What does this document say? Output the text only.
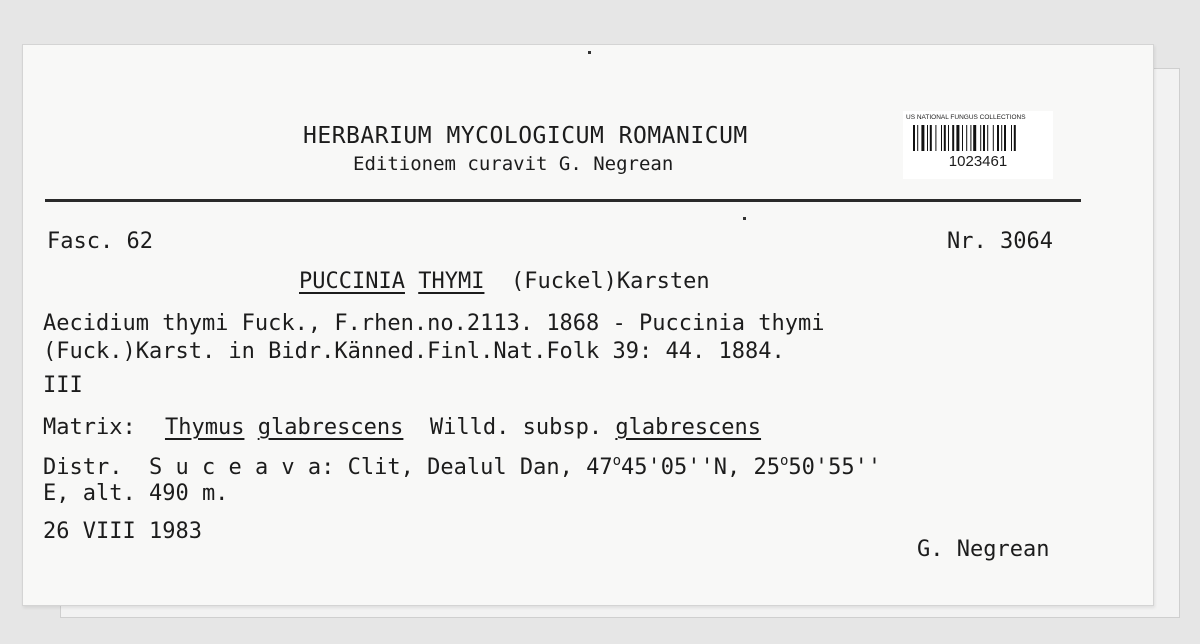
HERBARIUM MYCOLOGICUM ROMANICUM
Editionem curavit G. Negrean
US NATIONAL FUNGUS COLLECTIONS
1023461
Fasc. 62	Nr. 3064
PUCCINIA THYMI (Fuckel)Karsten
Aecidium thymi Fuck., F.rhen.no.2113. 1868 - Puccinia thymi
(Fuck.)Karst. in Bidr.Känned.Finl.Nat.Folk 39: 44. 1884.
III
Matrix: Thymus glabrescens Willd. subsp. glabrescens
Distr. S u c e a v a: Clit, Dealul Dan, 47$^o$45'05''N, 25$^o$50'55''
E, alt. 490 m.
26 VIII 1983
G. Negrean
